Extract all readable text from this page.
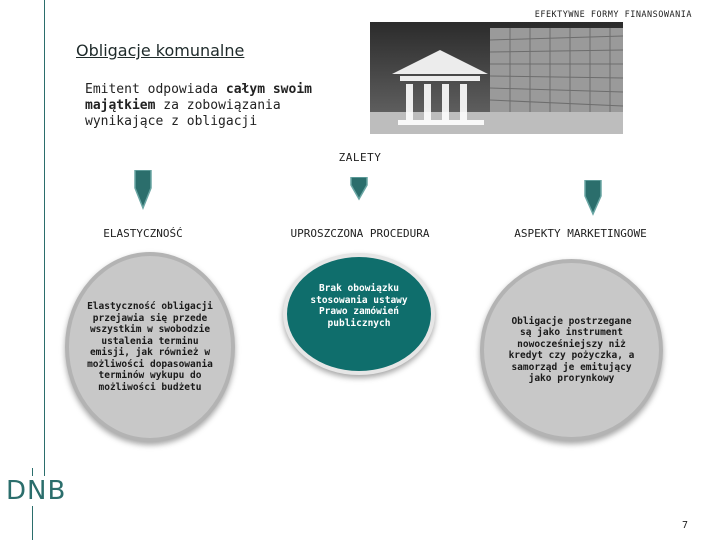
EFEKTYWNE FORMY FINANSOWANIA
Obligacje komunalne
Emitent odpowiada całym swoim majątkiem za zobowiązania wynikające z obligacji
ZALETY
ELASTYCZNOŚĆ	UPROSZCZONA PROCEDURA	ASPEKTY MARKETINGOWE
Elastyczność obligacji przejawia się przede wszystkim w swobodzie ustalenia terminu emisji, jak również w możliwości dopasowania terminów wykupu do możliwości budżetu
Brak obowiązku stosowania ustawy Prawo zamówień publicznych	Obligacje postrzegane są jako instrument nowocześniejszy niż kredyt czy pożyczka, a samorząd je emitujący jako prorynkowy
DNB
7
